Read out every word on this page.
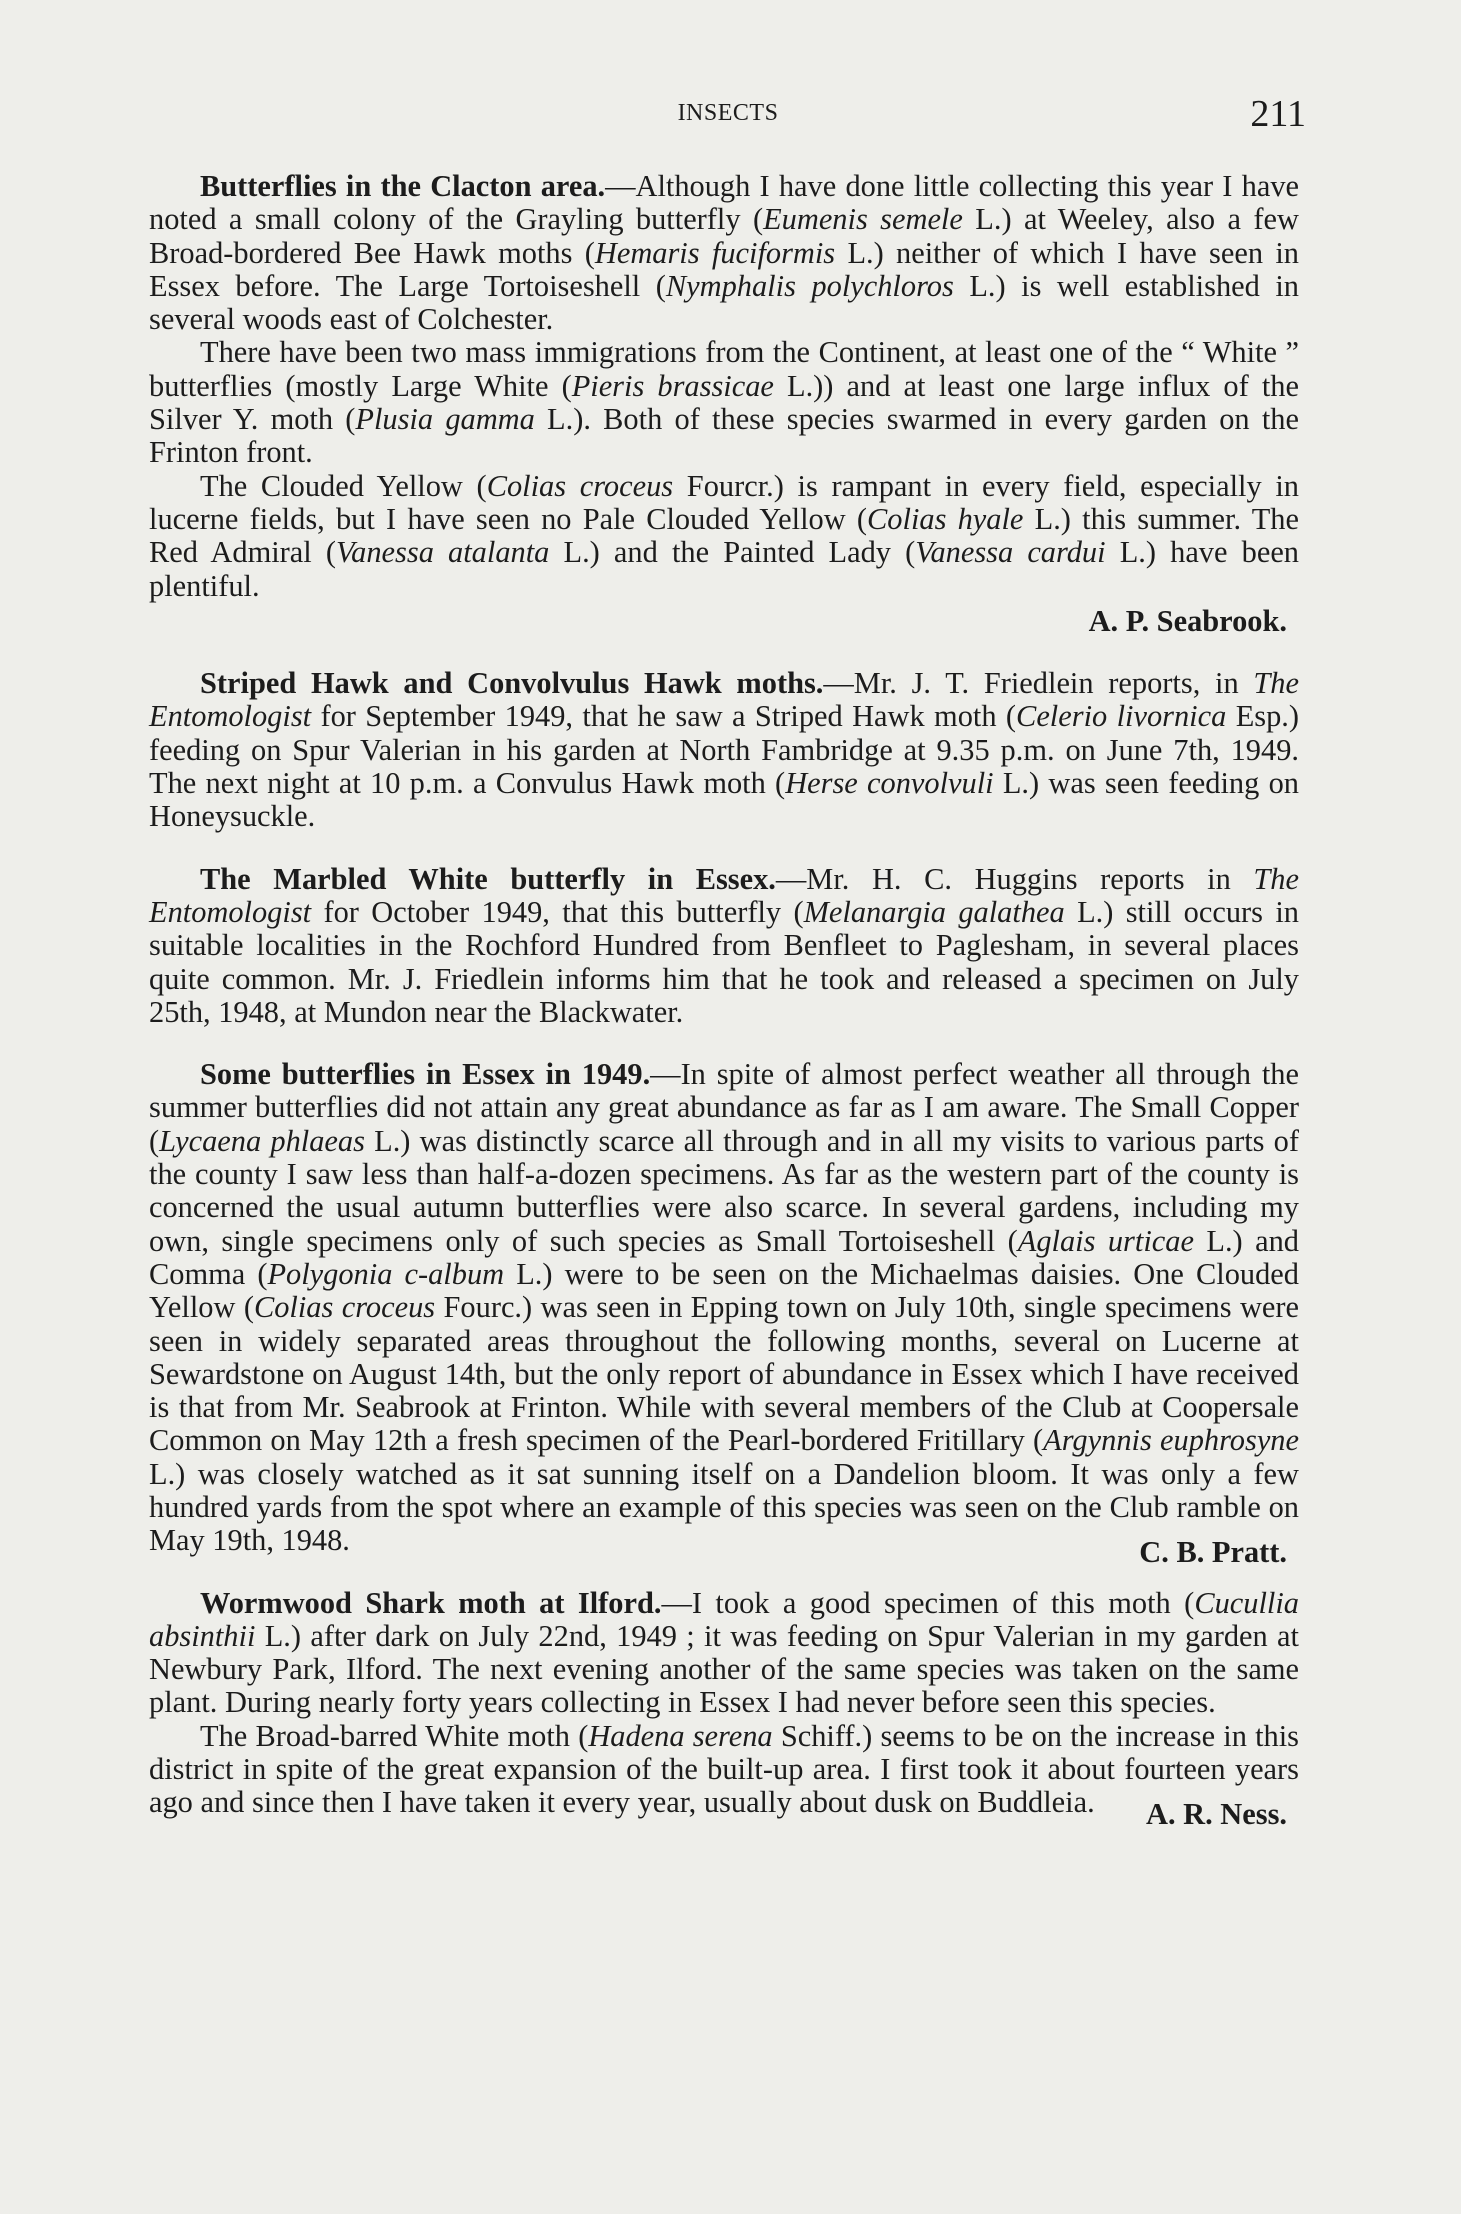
INSECTS	211

Butterflies in the Clacton area.—Although I have done little collecting this year I have noted a small colony of the Grayling butterfly (Eumenis semele L.) at Weeley, also a few Broad-bordered Bee Hawk moths (Hemaris fuciformis L.) neither of which I have seen in Essex before. The Large Tortoiseshell (Nymphalis polychloros L.) is well established in several woods east of Colchester.

There have been two mass immigrations from the Continent, at least one of the “ White ” butterflies (mostly Large White (Pieris brassicae L.)) and at least one large influx of the Silver Y. moth (Plusia gamma L.). Both of these species swarmed in every garden on the Frinton front.

The Clouded Yellow (Colias croceus Fourcr.) is rampant in every field, especially in lucerne fields, but I have seen no Pale Clouded Yellow (Colias hyale L.) this summer. The Red Admiral (Vanessa atalanta L.) and the Painted Lady (Vanessa cardui L.) have been plentiful.

A. P. Seabrook.

Striped Hawk and Convolvulus Hawk moths.—Mr. J. T. Friedlein reports, in The Entomologist for September 1949, that he saw a Striped Hawk moth (Celerio livornica Esp.) feeding on Spur Valerian in his garden at North Fambridge at 9.35 p.m. on June 7th, 1949. The next night at 10 p.m. a Convulus Hawk moth (Herse convolvuli L.) was seen feeding on Honeysuckle.

The Marbled White butterfly in Essex.—Mr. H. C. Huggins reports in The Entomologist for October 1949, that this butterfly (Melanargia galathea L.) still occurs in suitable localities in the Rochford Hundred from Benfleet to Paglesham, in several places quite common. Mr. J. Friedlein informs him that he took and released a specimen on July 25th, 1948, at Mundon near the Blackwater.

Some butterflies in Essex in 1949.—In spite of almost perfect weather all through the summer butterflies did not attain any great abundance as far as I am aware. The Small Copper (Lycaena phlaeas L.) was distinctly scarce all through and in all my visits to various parts of the county I saw less than half-a-dozen specimens. As far as the western part of the county is concerned the usual autumn butterflies were also scarce. In several gardens, including my own, single specimens only of such species as Small Tortoiseshell (Aglais urticae L.) and Comma (Polygonia c-album L.) were to be seen on the Michaelmas daisies. One Clouded Yellow (Colias croceus Fourc.) was seen in Epping town on July 10th, single specimens were seen in widely separated areas throughout the following months, several on Lucerne at Sewardstone on August 14th, but the only report of abundance in Essex which I have received is that from Mr. Seabrook at Frinton. While with several members of the Club at Coopersale Common on May 12th a fresh specimen of the Pearl-bordered Fritillary (Argynnis euphrosyne L.) was closely watched as it sat sunning itself on a Dandelion bloom. It was only a few hundred yards from the spot where an example of this species was seen on the Club ramble on May 19th, 1948.	C. B. Pratt.

Wormwood Shark moth at Ilford.—I took a good specimen of this moth (Cucullia absinthii L.) after dark on July 22nd, 1949 ; it was feeding on Spur Valerian in my garden at Newbury Park, Ilford. The next evening another of the same species was taken on the same plant. During nearly forty years collecting in Essex I had never before seen this species.

The Broad-barred White moth (Hadena serena Schiff.) seems to be on the increase in this district in spite of the great expansion of the built-up area. I first took it about fourteen years ago and since then I have taken it every year, usually about dusk on Buddleia.	A. R. Ness.
